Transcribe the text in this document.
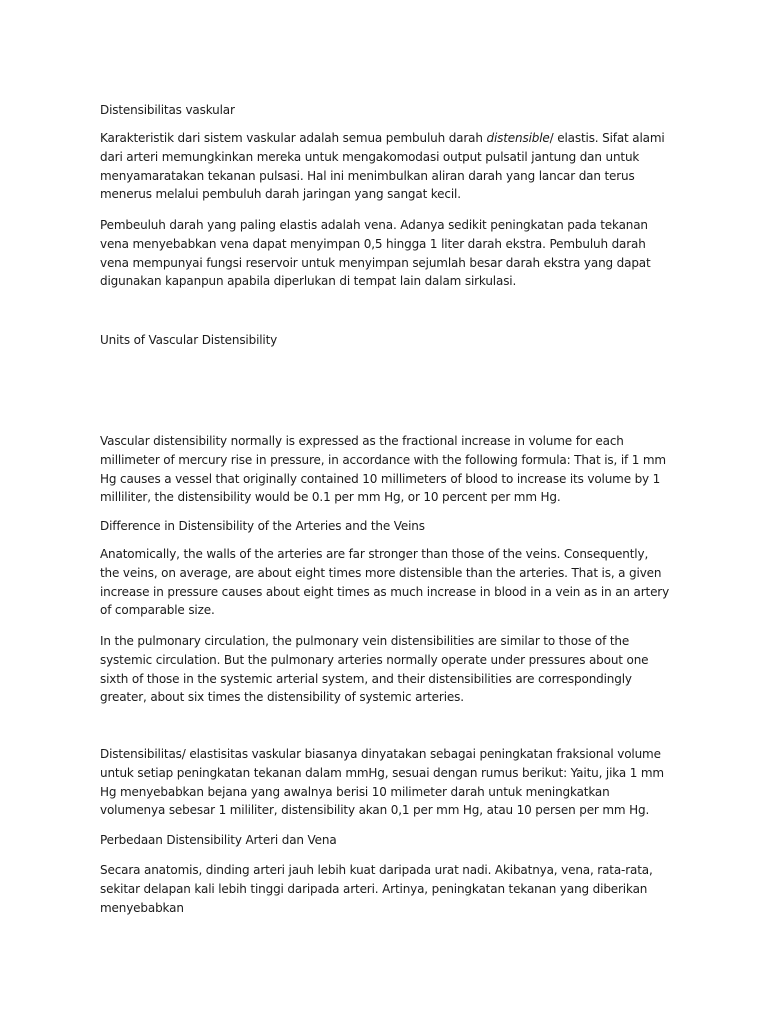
Distensibilitas vaskular

Karakteristik dari sistem vaskular adalah semua pembuluh darah distensible/ elastis. Sifat alami dari arteri memungkinkan mereka untuk mengakomodasi output pulsatil jantung dan untuk menyamaratakan tekanan pulsasi. Hal ini menimbulkan aliran darah yang lancar dan terus menerus melalui pembuluh darah jaringan yang sangat kecil.

Pembeuluh darah yang paling elastis adalah vena. Adanya sedikit peningkatan pada tekanan vena menyebabkan vena dapat menyimpan 0,5 hingga 1 liter darah ekstra. Pembuluh darah vena mempunyai fungsi reservoir untuk menyimpan sejumlah besar darah ekstra yang dapat digunakan kapanpun apabila diperlukan di tempat lain dalam sirkulasi.

Units of Vascular Distensibility

Vascular distensibility normally is expressed as the fractional increase in volume for each millimeter of mercury rise in pressure, in accordance with the following formula: That is, if 1 mm Hg causes a vessel that originally contained 10 millimeters of blood to increase its volume by 1 milliliter, the distensibility would be 0.1 per mm Hg, or 10 percent per mm Hg.

Difference in Distensibility of the Arteries and the Veins

Anatomically, the walls of the arteries are far stronger than those of the veins. Consequently, the veins, on average, are about eight times more distensible than the arteries. That is, a given increase in pressure causes about eight times as much increase in blood in a vein as in an artery of comparable size.

In the pulmonary circulation, the pulmonary vein distensibilities are similar to those of the systemic circulation. But the pulmonary arteries normally operate under pressures about one sixth of those in the systemic arterial system, and their distensibilities are correspondingly greater, about six times the distensibility of systemic arteries.

Distensibilitas/ elastisitas vaskular biasanya dinyatakan sebagai peningkatan fraksional volume untuk setiap peningkatan tekanan dalam mmHg, sesuai dengan rumus berikut: Yaitu, jika 1 mm Hg menyebabkan bejana yang awalnya berisi 10 milimeter darah untuk meningkatkan volumenya sebesar 1 mililiter, distensibility akan 0,1 per mm Hg, atau 10 persen per mm Hg.

Perbedaan Distensibility Arteri dan Vena

Secara anatomis, dinding arteri jauh lebih kuat daripada urat nadi. Akibatnya, vena, rata-rata, sekitar delapan kali lebih tinggi daripada arteri. Artinya, peningkatan tekanan yang diberikan menyebabkan
